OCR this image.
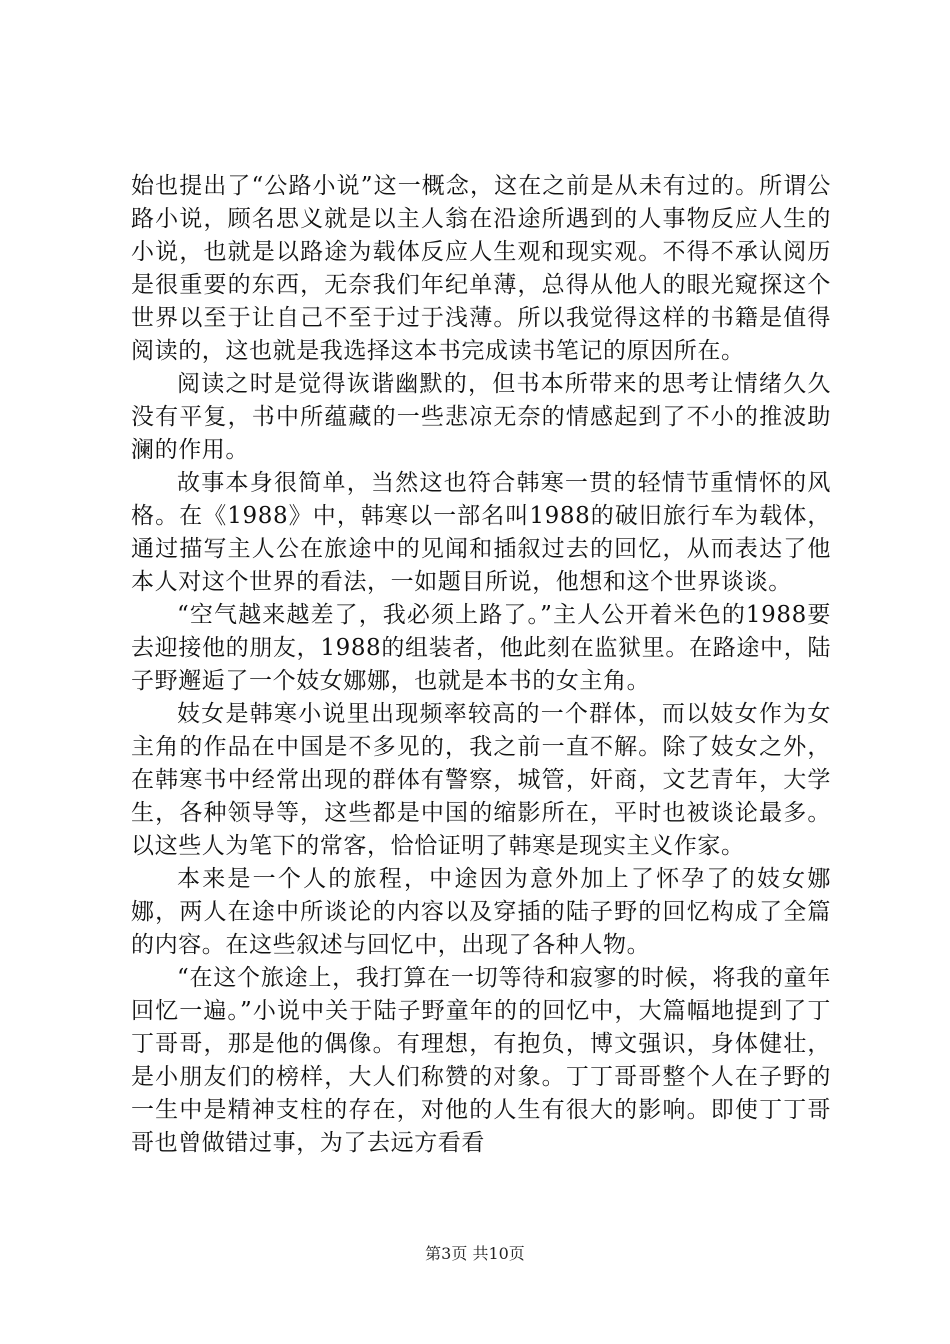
始也提出了“公路小说”这一概念，这在之前是从未有过的。所谓公路小说，顾名思义就是以主人翁在沿途所遇到的人事物反应人生的小说，也就是以路途为载体反应人生观和现实观。不得不承认阅历是很重要的东西，无奈我们年纪单薄，总得从他人的眼光窥探这个世界以至于让自己不至于过于浅薄。所以我觉得这样的书籍是值得阅读的，这也就是我选择这本书完成读书笔记的原因所在。

阅读之时是觉得诙谐幽默的，但书本所带来的思考让情绪久久没有平复，书中所蕴藏的一些悲凉无奈的情感起到了不小的推波助澜的作用。

故事本身很简单，当然这也符合韩寒一贯的轻情节重情怀的风格。在《1988》中，韩寒以一部名叫1988的破旧旅行车为载体，通过描写主人公在旅途中的见闻和插叙过去的回忆，从而表达了他本人对这个世界的看法，一如题目所说，他想和这个世界谈谈。

“空气越来越差了，我必须上路了。”主人公开着米色的1988要去迎接他的朋友，1988的组装者，他此刻在监狱里。在路途中，陆子野邂逅了一个妓女娜娜，也就是本书的女主角。

妓女是韩寒小说里出现频率较高的一个群体，而以妓女作为女主角的作品在中国是不多见的，我之前一直不解。除了妓女之外，在韩寒书中经常出现的群体有警察，城管，奸商，文艺青年，大学生，各种领导等，这些都是中国的缩影所在，平时也被谈论最多。以这些人为笔下的常客，恰恰证明了韩寒是现实主义作家。

本来是一个人的旅程，中途因为意外加上了怀孕了的妓女娜娜，两人在途中所谈论的内容以及穿插的陆子野的回忆构成了全篇的内容。在这些叙述与回忆中，出现了各种人物。

“在这个旅途上，我打算在一切等待和寂寥的时候，将我的童年回忆一遍。”小说中关于陆子野童年的的回忆中，大篇幅地提到了丁丁哥哥，那是他的偶像。有理想，有抱负，博文强识，身体健壮，是小朋友们的榜样，大人们称赞的对象。丁丁哥哥整个人在子野的一生中是精神支柱的存在，对他的人生有很大的影响。即使丁丁哥哥也曾做错过事，为了去远方看看

第3页 共10页
